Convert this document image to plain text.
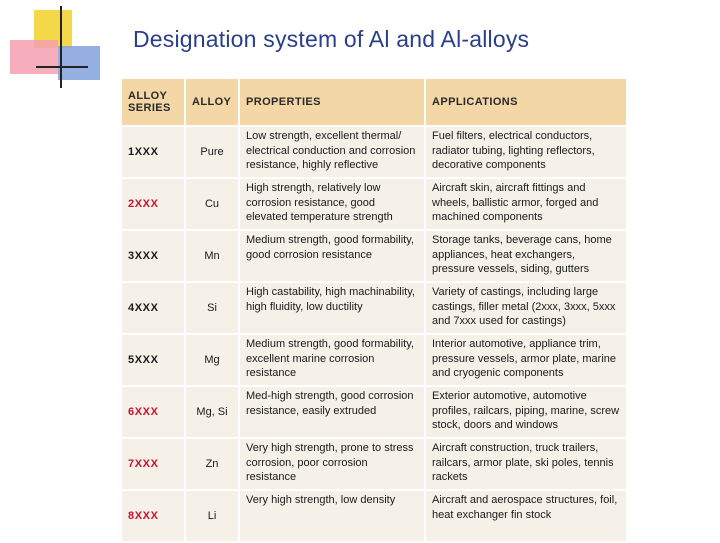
Designation system of Al and Al-alloys
ALLOY
SERIES	ALLOY	PROPERTIES	APPLICATIONS
1XXX	Pure	Low strength, excellent thermal/ electrical conduction and corrosion resistance, highly reflective	Fuel filters, electrical conductors, radiator tubing, lighting reflectors, decorative components
2XXX	Cu	High strength, relatively low corrosion resistance, good elevated temperature strength	Aircraft skin, aircraft fittings and wheels, ballistic armor, forged and machined components
3XXX	Mn	Medium strength, good formability, good corrosion resistance	Storage tanks, beverage cans, home appliances, heat exchangers, pressure vessels, siding, gutters
4XXX	Si	High castability, high machinability, high fluidity, low ductility	Variety of castings, including large castings, filler metal (2xxx, 3xxx, 5xxx and 7xxx used for castings)
5XXX	Mg	Medium strength, good formability, excellent marine corrosion resistance	Interior automotive, appliance trim, pressure vessels, armor plate, marine and cryogenic components
6XXX	Mg, Si	Med-high strength, good corrosion resistance, easily extruded	Exterior automotive, automotive profiles, railcars, piping, marine, screw stock, doors and windows
7XXX	Zn	Very high strength, prone to stress corrosion, poor corrosion resistance	Aircraft construction, truck trailers, railcars, armor plate, ski poles, tennis rackets
8XXX	Li	Very high strength, low density	Aircraft and aerospace structures, foil, heat exchanger fin stock
